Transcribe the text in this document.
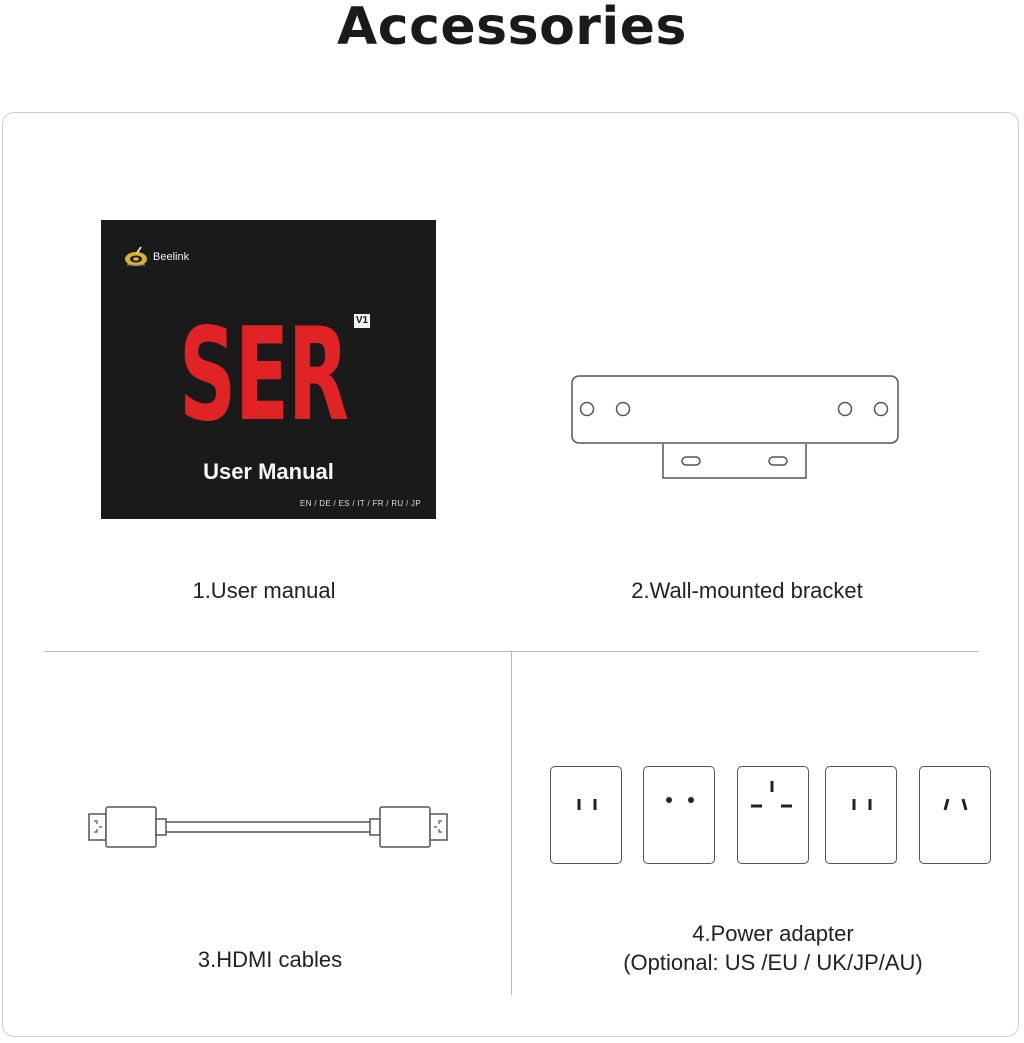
Accessories
Beelink
SER V1
User Manual
EN / DE / ES / IT / FR / RU / JP
1.User manual	2.Wall-mounted bracket
3.HDMI cables
4.Power adapter
(Optional: US /EU / UK/JP/AU)
